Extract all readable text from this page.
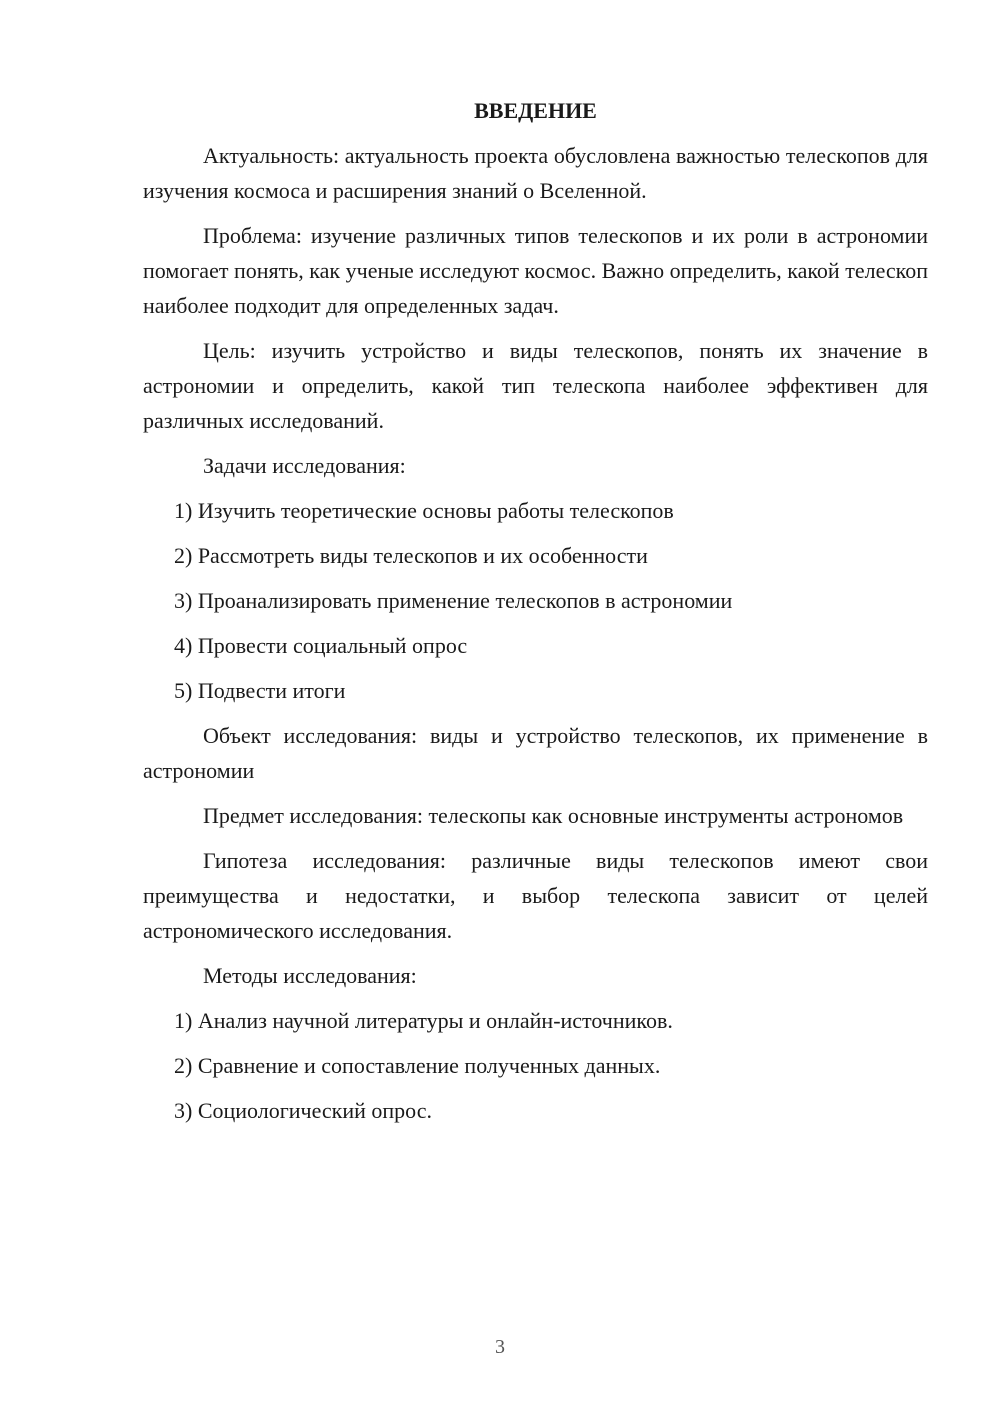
ВВЕДЕНИЕ

Актуальность: актуальность проекта обусловлена важностью телескопов для изучения космоса и расширения знаний о Вселенной.

Проблема: изучение различных типов телескопов и их роли в астрономии помогает понять, как ученые исследуют космос. Важно определить, какой телескоп наиболее подходит для определенных задач.

Цель: изучить устройство и виды телескопов, понять их значение в астрономии и определить, какой тип телескопа наиболее эффективен для различных исследований.

Задачи исследования:
1) Изучить теоретические основы работы телескопов
2) Рассмотреть виды телескопов и их особенности
3) Проанализировать применение телескопов в астрономии
4) Провести социальный опрос
5) Подвести итоги

Объект исследования: виды и устройство телескопов, их применение в астрономии

Предмет исследования: телескопы как основные инструменты астрономов

Гипотеза исследования: различные виды телескопов имеют свои преимущества и недостатки, и выбор телескопа зависит от целей астрономического исследования.

Методы исследования:
1) Анализ научной литературы и онлайн-источников.
2) Сравнение и сопоставление полученных данных.
3) Социологический опрос.
3
